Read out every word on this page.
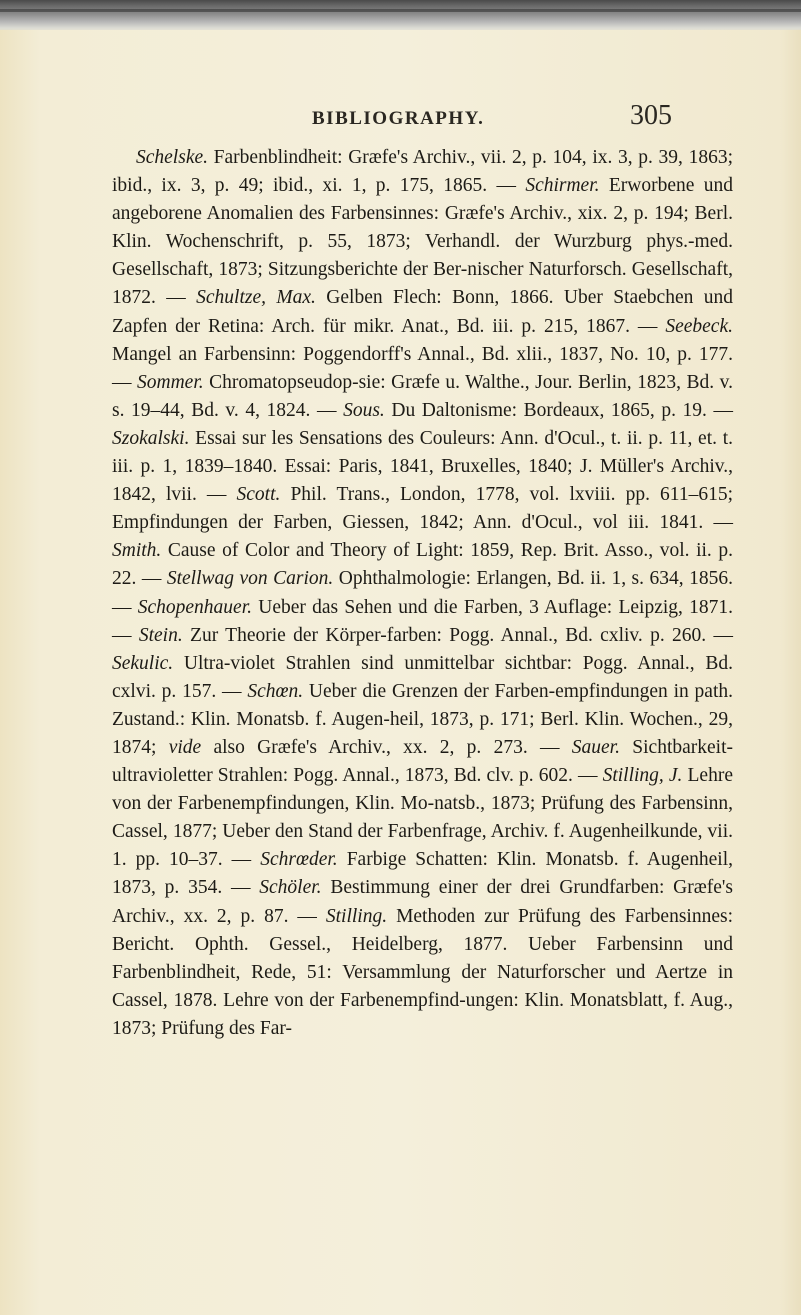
BIBLIOGRAPHY.	305

Schelske. Farbenblindheit: Græfe's Archiv., vii. 2, p. 104, ix. 3, p. 39, 1863; ibid., ix. 3, p. 49; ibid., xi. 1, p. 175, 1865. — Schirmer. Erworbene und angeborene Anomalien des Farbensinnes: Græfe's Archiv., xix. 2, p. 194; Berl. Klin. Wochenschrift, p. 55, 1873; Verhandl. der Wurzburg phys.-med. Gesellschaft, 1873; Sitzungsberichte der Ber-nischer Naturforsch. Gesellschaft, 1872. — Schultze, Max. Gelben Flech: Bonn, 1866. Uber Staebchen und Zapfen der Retina: Arch. für mikr. Anat., Bd. iii. p. 215, 1867. — Seebeck. Mangel an Farbensinn: Poggendorff's Annal., Bd. xlii., 1837, No. 10, p. 177. — Sommer. Chromatopseudop-sie: Græfe u. Walthe., Jour. Berlin, 1823, Bd. v. s. 19–44, Bd. v. 4, 1824. — Sous. Du Daltonisme: Bordeaux, 1865, p. 19. — Szokalski. Essai sur les Sensations des Couleurs: Ann. d'Ocul., t. ii. p. 11, et. t. iii. p. 1, 1839–1840. Essai: Paris, 1841, Bruxelles, 1840; J. Müller's Archiv., 1842, lvii. — Scott. Phil. Trans., London, 1778, vol. lxviii. pp. 611–615; Empfindungen der Farben, Giessen, 1842; Ann. d'Ocul., vol iii. 1841. — Smith. Cause of Color and Theory of Light: 1859, Rep. Brit. Asso., vol. ii. p. 22. — Stellwag von Carion. Ophthalmologie: Erlangen, Bd. ii. 1, s. 634, 1856. — Schopenhauer. Ueber das Sehen und die Farben, 3 Auflage: Leipzig, 1871. — Stein. Zur Theorie der Körper-farben: Pogg. Annal., Bd. cxliv. p. 260. — Sekulic. Ultra-violet Strahlen sind unmittelbar sichtbar: Pogg. Annal., Bd. cxlvi. p. 157. — Schœn. Ueber die Grenzen der Farben-empfindungen in path. Zustand.: Klin. Monatsb. f. Augen-heil, 1873, p. 171; Berl. Klin. Wochen., 29, 1874; vide also Græfe's Archiv., xx. 2, p. 273. — Sauer. Sichtbarkeit-ultravioletter Strahlen: Pogg. Annal., 1873, Bd. clv. p. 602. — Stilling, J. Lehre von der Farbenempfindungen, Klin. Mo-natsb., 1873; Prüfung des Farbensinn, Cassel, 1877; Ueber den Stand der Farbenfrage, Archiv. f. Augenheilkunde, vii. 1. pp. 10–37. — Schrœder. Farbige Schatten: Klin. Monatsb. f. Augenheil, 1873, p. 354. — Schöler. Bestimmung einer der drei Grundfarben: Græfe's Archiv., xx. 2, p. 87. — Stilling. Methoden zur Prüfung des Farbensinnes: Bericht. Ophth. Gessel., Heidelberg, 1877. Ueber Farbensinn und Farbenblindheit, Rede, 51: Versammlung der Naturforscher und Aertze in Cassel, 1878. Lehre von der Farbenempfind-ungen: Klin. Monatsblatt, f. Aug., 1873; Prüfung des Far-
